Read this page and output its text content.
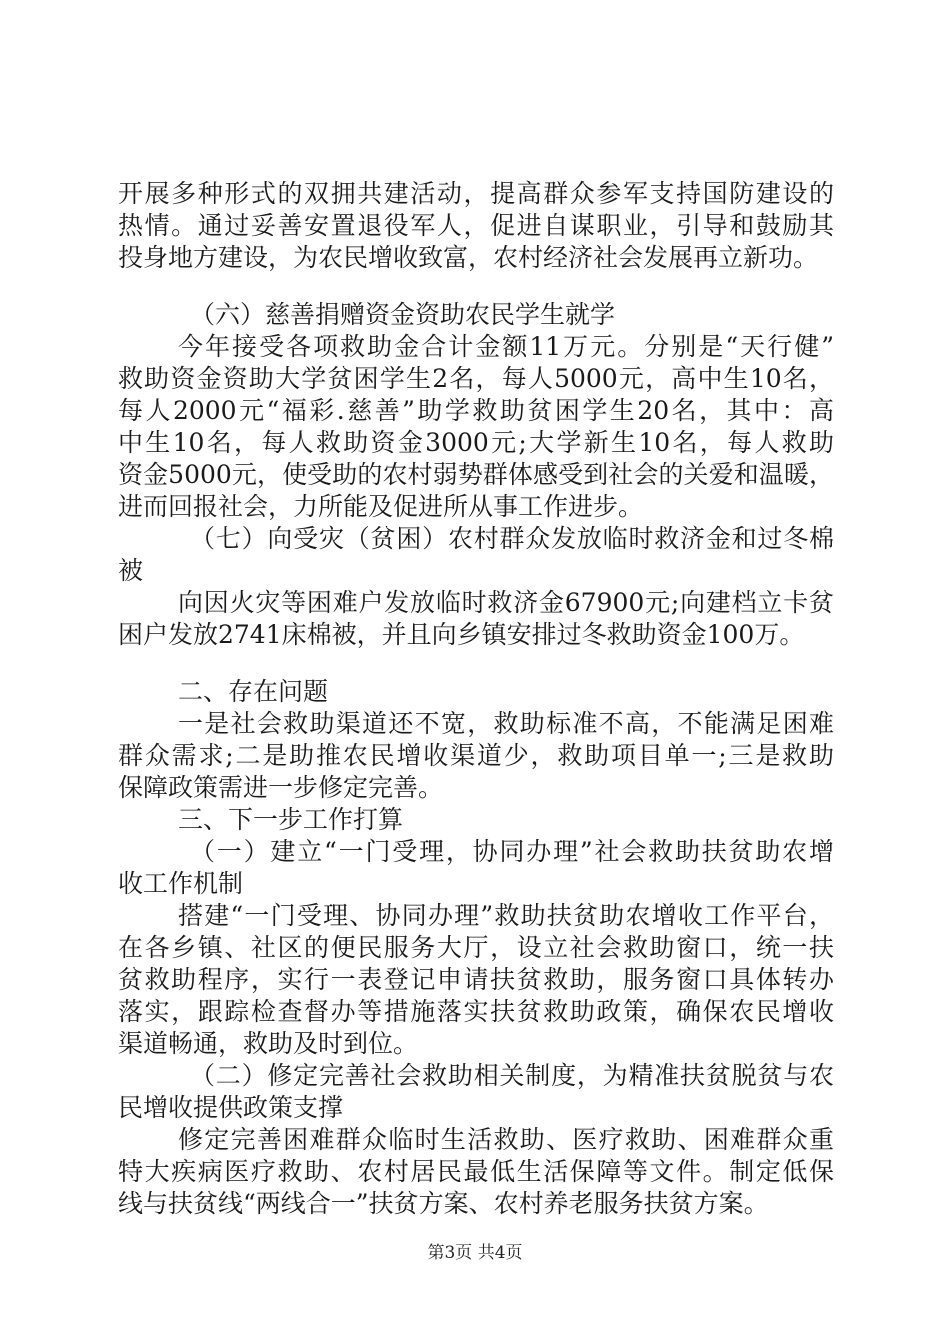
开展多种形式的双拥共建活动，提高群众参军支持国防建设的
热情。通过妥善安置退役军人，促进自谋职业，引导和鼓励其
投身地方建设，为农民增收致富，农村经济社会发展再立新功。
（六）慈善捐赠资金资助农民学生就学
今年接受各项救助金合计金额11万元。分别是“天行健”
救助资金资助大学贫困学生2名，每人5000元，高中生10名，
每人2000元“福彩.慈善”助学救助贫困学生20名，其中：高
中生10名，每人救助资金3000元;大学新生10名，每人救助
资金5000元，使受助的农村弱势群体感受到社会的关爱和温暖，
进而回报社会，力所能及促进所从事工作进步。
（七）向受灾（贫困）农村群众发放临时救济金和过冬棉
被
向因火灾等困难户发放临时救济金67900元;向建档立卡贫
困户发放2741床棉被，并且向乡镇安排过冬救助资金100万。
二、存在问题
一是社会救助渠道还不宽，救助标准不高，不能满足困难
群众需求;二是助推农民增收渠道少，救助项目单一;三是救助
保障政策需进一步修定完善。
三、下一步工作打算
（一）建立“一门受理，协同办理”社会救助扶贫助农增
收工作机制
搭建“一门受理、协同办理”救助扶贫助农增收工作平台，
在各乡镇、社区的便民服务大厅，设立社会救助窗口，统一扶
贫救助程序，实行一表登记申请扶贫救助，服务窗口具体转办
落实，跟踪检查督办等措施落实扶贫救助政策，确保农民增收
渠道畅通，救助及时到位。
（二）修定完善社会救助相关制度，为精准扶贫脱贫与农
民增收提供政策支撑
修定完善困难群众临时生活救助、医疗救助、困难群众重
特大疾病医疗救助、农村居民最低生活保障等文件。制定低保
线与扶贫线“两线合一”扶贫方案、农村养老服务扶贫方案。
第3页 共4页
